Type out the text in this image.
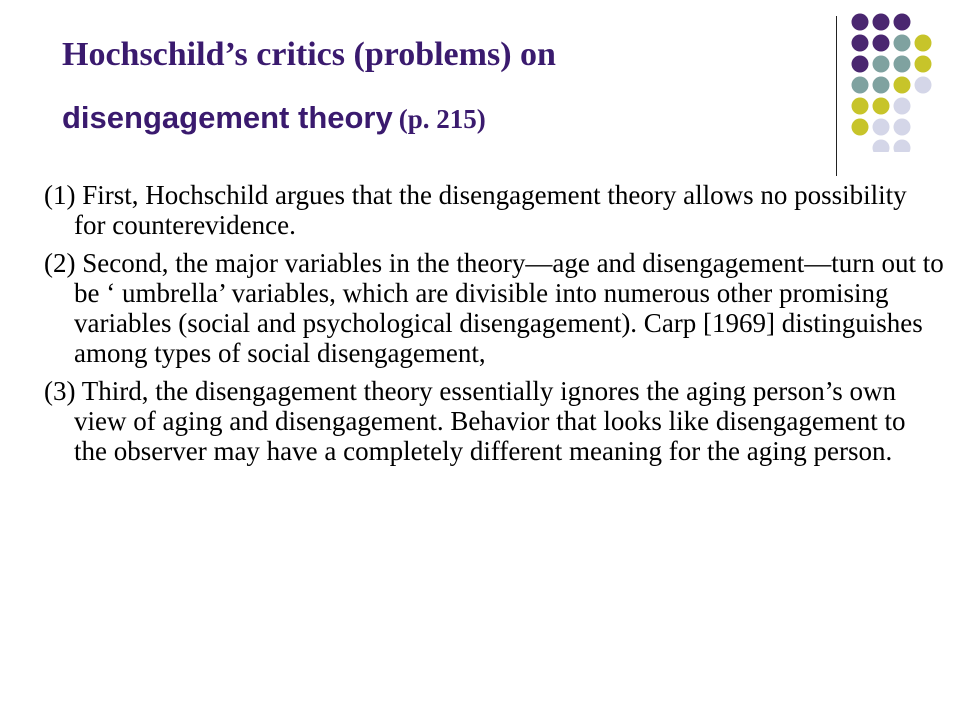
Hochschild’s critics (problems) on
disengagement theory (p. 215)
(1) First, Hochschild argues that the disengagement theory allows no possibility for counterevidence.
(2) Second, the major variables in the theory—age and disengagement—turn out to be ‘ umbrella’ variables, which are divisible into numerous other promising variables (social and psychological disengagement). Carp [1969] distinguishes among types of social disengagement,
(3) Third, the disengagement theory essentially ignores the aging person’s own view of aging and disengagement. Behavior that looks like disengagement to the observer may have a completely different meaning for the aging person.
